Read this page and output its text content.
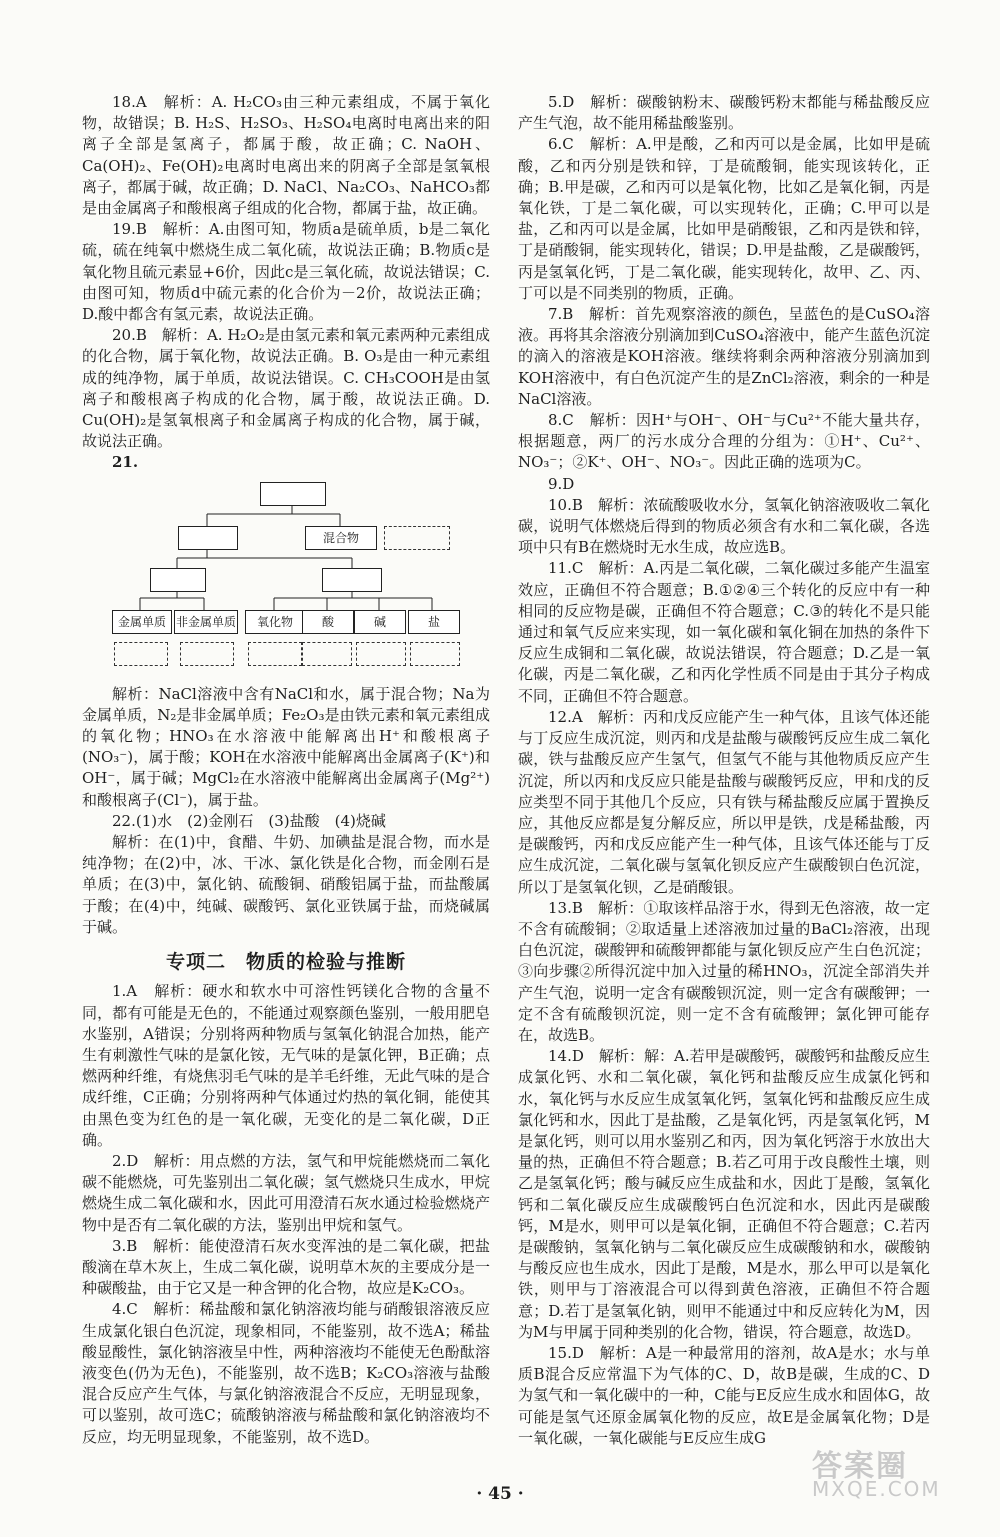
18.A　解析：A. H₂CO₃由三种元素组成，不属于氧化物，故错误；B. H₂S、H₂SO₃、H₂SO₄电离时电离出来的阳离子全部是氢离子，都属于酸，故正确；C. NaOH、Ca(OH)₂、Fe(OH)₂电离时电离出来的阴离子全部是氢氧根离子，都属于碱，故正确；D. NaCl、Na₂CO₃、NaHCO₃都是由金属离子和酸根离子组成的化合物，都属于盐，故正确。

19.B　解析：A.由图可知，物质a是硫单质，b是二氧化硫，硫在纯氧中燃烧生成二氧化硫，故说法正确；B.物质c是氧化物且硫元素显+6价，因此c是三氧化硫，故说法错误；C.由图可知，物质d中硫元素的化合价为－2价，故说法正确；D.酸中都含有氢元素，故说法正确。

20.B　解析：A. H₂O₂是由氢元素和氧元素两种元素组成的化合物，属于氧化物，故说法正确。B. O₃是由一种元素组成的纯净物，属于单质，故说法错误。C. CH₃COOH是由氢离子和酸根离子构成的化合物，属于酸，故说法正确。D. Cu(OH)₂是氢氧根离子和金属离子构成的化合物，属于碱，故说法正确。

21.

混合物
金属单质 非金属单质	氧化物	酸	碱	盐

解析：NaCl溶液中含有NaCl和水，属于混合物；Na为金属单质，N₂是非金属单质；Fe₂O₃是由铁元素和氧元素组成的氧化物；HNO₃在水溶液中能解离出H⁺和酸根离子(NO₃⁻)，属于酸；KOH在水溶液中能解离出金属离子(K⁺)和OH⁻，属于碱；MgCl₂在水溶液中能解离出金属离子(Mg²⁺)和酸根离子(Cl⁻)，属于盐。

22.(1)水　(2)金刚石　(3)盐酸　(4)烧碱

解析：在(1)中，食醋、牛奶、加碘盐是混合物，而水是纯净物；在(2)中，冰、干冰、氯化铁是化合物，而金刚石是单质；在(3)中，氯化钠、硫酸铜、硝酸铝属于盐，而盐酸属于酸；在(4)中，纯碱、碳酸钙、氯化亚铁属于盐，而烧碱属于碱。

专项二　物质的检验与推断

1.A　解析：硬水和软水中可溶性钙镁化合物的含量不同，都有可能是无色的，不能通过观察颜色鉴别，一般用肥皂水鉴别，A错误；分别将两种物质与氢氧化钠混合加热，能产生有刺激性气味的是氯化铵，无气味的是氯化钾，B正确；点燃两种纤维，有烧焦羽毛气味的是羊毛纤维，无此气味的是合成纤维，C正确；分别将两种气体通过灼热的氧化铜，能使其由黑色变为红色的是一氧化碳，无变化的是二氧化碳，D正确。

2.D　解析：用点燃的方法，氢气和甲烷能燃烧而二氧化碳不能燃烧，可先鉴别出二氧化碳；氢气燃烧只生成水，甲烷燃烧生成二氧化碳和水，因此可用澄清石灰水通过检验燃烧产物中是否有二氧化碳的方法，鉴别出甲烷和氢气。

3.B　解析：能使澄清石灰水变浑浊的是二氧化碳，把盐酸滴在草木灰上，生成二氧化碳，说明草木灰的主要成分是一种碳酸盐，由于它又是一种含钾的化合物，故应是K₂CO₃。

4.C　解析：稀盐酸和氯化钠溶液均能与硝酸银溶液反应生成氯化银白色沉淀，现象相同，不能鉴别，故不选A；稀盐酸显酸性，氯化钠溶液呈中性，两种溶液均不能使无色酚酞溶液变色(仍为无色)，不能鉴别，故不选B；K₂CO₃溶液与盐酸混合反应产生气体，与氯化钠溶液混合不反应，无明显现象，可以鉴别，故可选C；硫酸钠溶液与稀盐酸和氯化钠溶液均不反应，均无明显现象，不能鉴别，故不选D。

5.D　解析：碳酸钠粉末、碳酸钙粉末都能与稀盐酸反应产生气泡，故不能用稀盐酸鉴别。

6.C　解析：A.甲是酸，乙和丙可以是金属，比如甲是硫酸，乙和丙分别是铁和锌，丁是硫酸铜，能实现该转化，正确；B.甲是碳，乙和丙可以是氧化物，比如乙是氧化铜，丙是氧化铁，丁是二氧化碳，可以实现转化，正确；C.甲可以是盐，乙和丙可以是金属，比如甲是硝酸银，乙和丙是铁和锌，丁是硝酸铜，能实现转化，错误；D.甲是盐酸，乙是碳酸钙，丙是氢氧化钙，丁是二氧化碳，能实现转化，故甲、乙、丙、丁可以是不同类别的物质，正确。

7.B　解析：首先观察溶液的颜色，呈蓝色的是CuSO₄溶液。再将其余溶液分别滴加到CuSO₄溶液中，能产生蓝色沉淀的滴入的溶液是KOH溶液。继续将剩余两种溶液分别滴加到KOH溶液中，有白色沉淀产生的是ZnCl₂溶液，剩余的一种是NaCl溶液。

8.C　解析：因H⁺与OH⁻、OH⁻与Cu²⁺不能大量共存，根据题意，两厂的污水成分合理的分组为：①H⁺、Cu²⁺、NO₃⁻；②K⁺、OH⁻、NO₃⁻。因此正确的选项为C。

9.D

10.B　解析：浓硫酸吸收水分，氢氧化钠溶液吸收二氧化碳，说明气体燃烧后得到的物质必须含有水和二氧化碳，各选项中只有B在燃烧时无水生成，故应选B。

11.C　解析：A.丙是二氧化碳，二氧化碳过多能产生温室效应，正确但不符合题意；B.①②④三个转化的反应中有一种相同的反应物是碳，正确但不符合题意；C.③的转化不是只能通过和氧气反应来实现，如一氧化碳和氧化铜在加热的条件下反应生成铜和二氧化碳，故说法错误，符合题意；D.乙是一氧化碳，丙是二氧化碳，乙和丙化学性质不同是由于其分子构成不同，正确但不符合题意。

12.A　解析：丙和戊反应能产生一种气体，且该气体还能与丁反应生成沉淀，则丙和戊是盐酸与碳酸钙反应生成二氧化碳，铁与盐酸反应产生氢气，但氢气不能与其他物质反应产生沉淀，所以丙和戊反应只能是盐酸与碳酸钙反应，甲和戊的反应类型不同于其他几个反应，只有铁与稀盐酸反应属于置换反应，其他反应都是复分解反应，所以甲是铁，戊是稀盐酸，丙是碳酸钙，丙和戊反应能产生一种气体，且该气体还能与丁反应生成沉淀，二氧化碳与氢氧化钡反应产生碳酸钡白色沉淀，所以丁是氢氧化钡，乙是硝酸银。

13.B　解析：①取该样品溶于水，得到无色溶液，故一定不含有硫酸铜；②取适量上述溶液加过量的BaCl₂溶液，出现白色沉淀，碳酸钾和硫酸钾都能与氯化钡反应产生白色沉淀；③向步骤②所得沉淀中加入过量的稀HNO₃，沉淀全部消失并产生气泡，说明一定含有碳酸钡沉淀，则一定含有碳酸钾；一定不含有硫酸钡沉淀，则一定不含有硫酸钾；氯化钾可能存在，故选B。

14.D　解析：解：A.若甲是碳酸钙，碳酸钙和盐酸反应生成氯化钙、水和二氧化碳，氧化钙和盐酸反应生成氯化钙和水，氧化钙与水反应生成氢氧化钙，氢氧化钙和盐酸反应生成氯化钙和水，因此丁是盐酸，乙是氧化钙，丙是氢氧化钙，M是氯化钙，则可以用水鉴别乙和丙，因为氧化钙溶于水放出大量的热，正确但不符合题意；B.若乙可用于改良酸性土壤，则乙是氢氧化钙；酸与碱反应生成盐和水，因此丁是酸，氢氧化钙和二氧化碳反应生成碳酸钙白色沉淀和水，因此丙是碳酸钙，M是水，则甲可以是氧化铜，正确但不符合题意；C.若丙是碳酸钠，氢氧化钠与二氧化碳反应生成碳酸钠和水，碳酸钠与酸反应也生成水，因此丁是酸，M是水，那么甲可以是氧化铁，则甲与丁溶液混合可以得到黄色溶液，正确但不符合题意；D.若丁是氢氧化钠，则甲不能通过中和反应转化为M，因为M与甲属于同种类别的化合物，错误，符合题意，故选D。

15.D　解析：A是一种最常用的溶剂，故A是水；水与单质B混合反应常温下为气体的C、D，故B是碳，生成的C、D为氢气和一氧化碳中的一种，C能与E反应生成水和固体G，故可能是氢气还原金属氧化物的反应，故E是金属氧化物；D是一氧化碳，一氧化碳能与E反应生成G

· 45 ·
答案圈
MXQE.COM
